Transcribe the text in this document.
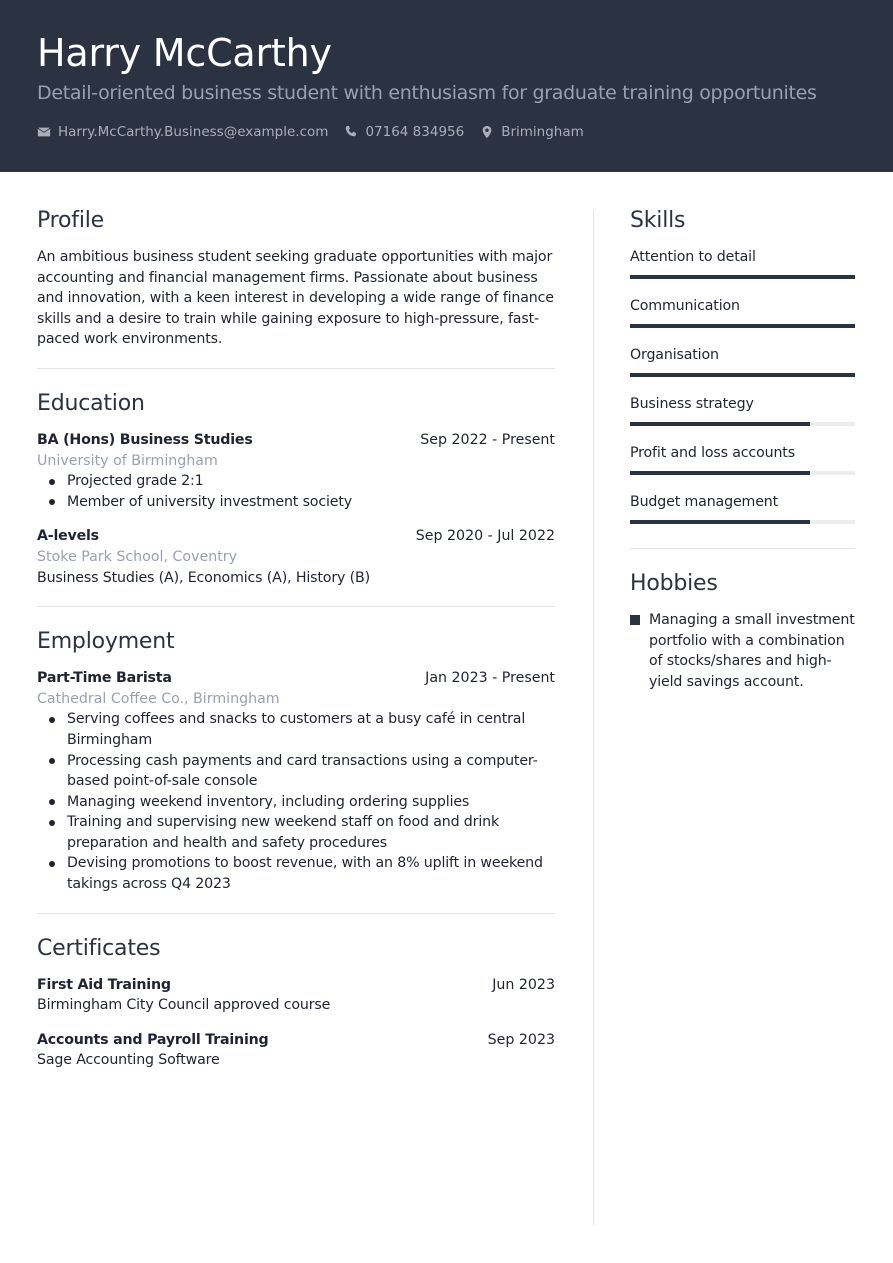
Harry McCarthy
Detail-oriented business student with enthusiasm for graduate training opportunites
Harry.McCarthy.Business@example.com	07164 834956	Brimingham
Profile

An ambitious business student seeking graduate opportunities with major accounting and financial management firms. Passionate about business and innovation, with a keen interest in developing a wide range of finance skills and a desire to train while gaining exposure to high-pressure, fast-paced work environments.

Education
BA (Hons) Business Studies	Sep 2022 - Present
University of Birmingham
Projected grade 2:1
Member of university investment society
A-levels	Sep 2020 - Jul 2022
Stoke Park School, Coventry
Business Studies (A), Economics (A), History (B)
Employment
Part-Time Barista	Jan 2023 - Present
Cathedral Coffee Co., Birmingham
Serving coffees and snacks to customers at a busy café in central Birmingham
Processing cash payments and card transactions using a computer-based point-of-sale console
Managing weekend inventory, including ordering supplies
Training and supervising new weekend staff on food and drink preparation and health and safety procedures
Devising promotions to boost revenue, with an 8% uplift in weekend takings across Q4 2023
Certificates
First Aid Training	Jun 2023
Birmingham City Council approved course
Accounts and Payroll Training	Sep 2023
Sage Accounting Software
Skills
Attention to detail
Communication
Organisation
Business strategy
Profit and loss accounts
Budget management
Hobbies
Managing a small investment portfolio with a combination of stocks/shares and high-yield savings account.
